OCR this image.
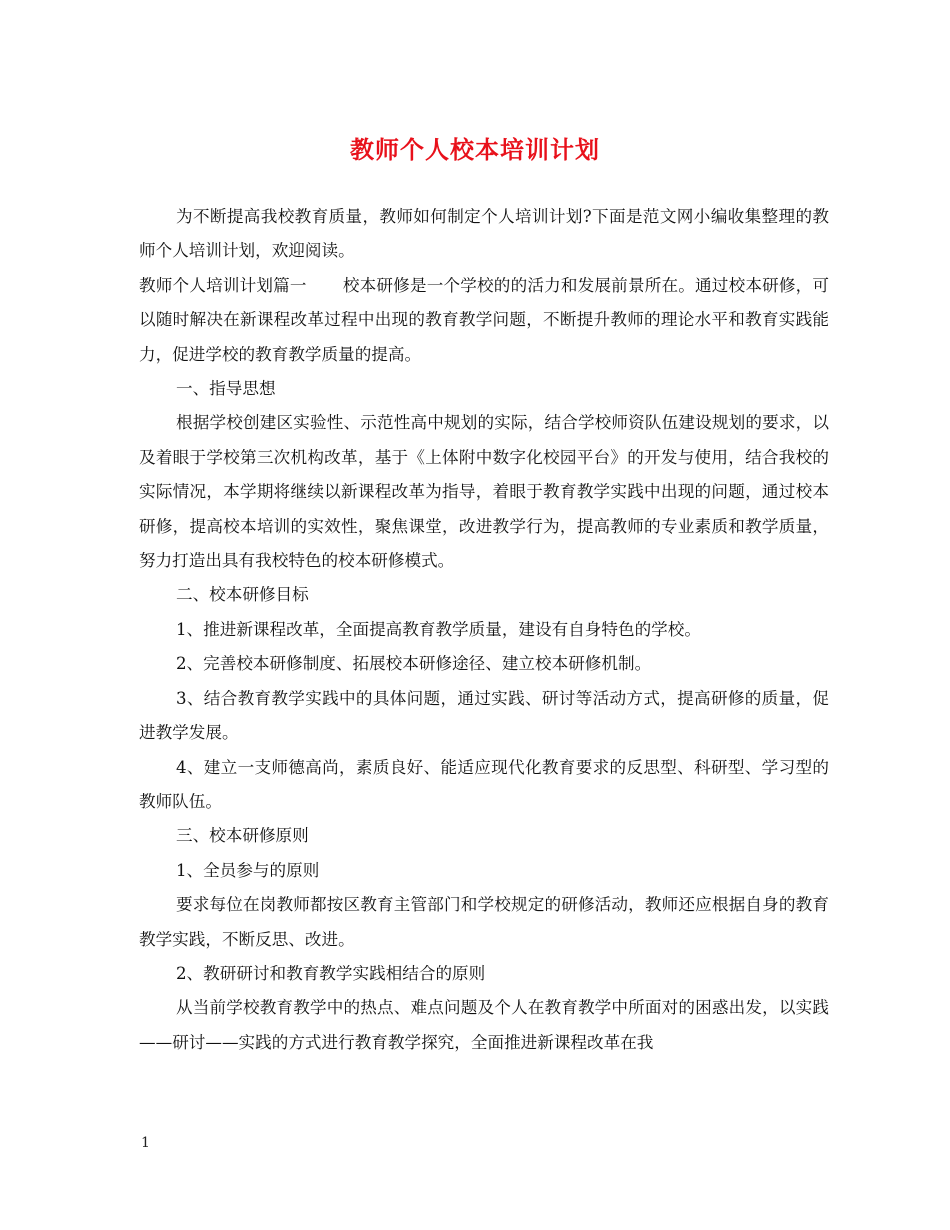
教师个人校本培训计划

为不断提高我校教育质量，教师如何制定个人培训计划?下面是范文网小编收集整理的教师个人培训计划，欢迎阅读。

教师个人培训计划篇一 校本研修是一个学校的的活力和发展前景所在。通过校本研修，可以随时解决在新课程改革过程中出现的教育教学问题，不断提升教师的理论水平和教育实践能力，促进学校的教育教学质量的提高。

一、指导思想

根据学校创建区实验性、示范性高中规划的实际，结合学校师资队伍建设规划的要求，以及着眼于学校第三次机构改革，基于《上体附中数字化校园平台》的开发与使用，结合我校的实际情况，本学期将继续以新课程改革为指导，着眼于教育教学实践中出现的问题，通过校本研修，提高校本培训的实效性，聚焦课堂，改进教学行为，提高教师的专业素质和教学质量，努力打造出具有我校特色的校本研修模式。

二、校本研修目标

1、推进新课程改革，全面提高教育教学质量，建设有自身特色的学校。

2、完善校本研修制度、拓展校本研修途径、建立校本研修机制。

3、结合教育教学实践中的具体问题，通过实践、研讨等活动方式，提高研修的质量，促进教学发展。

4、建立一支师德高尚，素质良好、能适应现代化教育要求的反思型、科研型、学习型的教师队伍。

三、校本研修原则

1、全员参与的原则

要求每位在岗教师都按区教育主管部门和学校规定的研修活动，教师还应根据自身的教育教学实践，不断反思、改进。

2、教研研讨和教育教学实践相结合的原则

从当前学校教育教学中的热点、难点问题及个人在教育教学中所面对的困惑出发，以实践——研讨——实践的方式进行教育教学探究，全面推进新课程改革在我

1
